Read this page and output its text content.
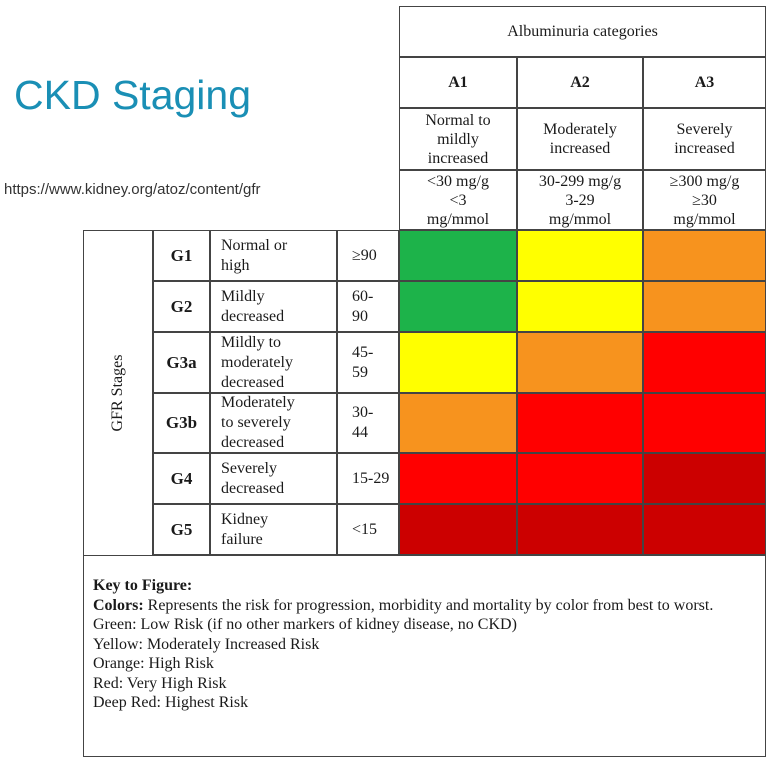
CKD Staging
https://www.kidney.org/atoz/content/gfr
Albuminuria categories
A1
Normal to
mildly
increased
<30 mg/g
<3
mg/mmol
A2
Moderately
increased
30-299 mg/g
3-29
mg/mmol
A3
Severely
increased
≥300 mg/g
≥30
mg/mmol
GFR Stages
G1
Normal or
high
≥90
G2
Mildly
decreased
60-
90
G3a
Mildly to
moderately
decreased
45-
59
G3b
Moderately
to severely
decreased
30-
44
G4
Severely
decreased
15-29
G5
Kidney
failure
<15
Key to Figure:
Colors: Represents the risk for progression, morbidity and mortality by color from best to worst.
Green: Low Risk (if no other markers of kidney disease, no CKD)
Yellow: Moderately Increased Risk
Orange: High Risk
Red: Very High Risk
Deep Red: Highest Risk
